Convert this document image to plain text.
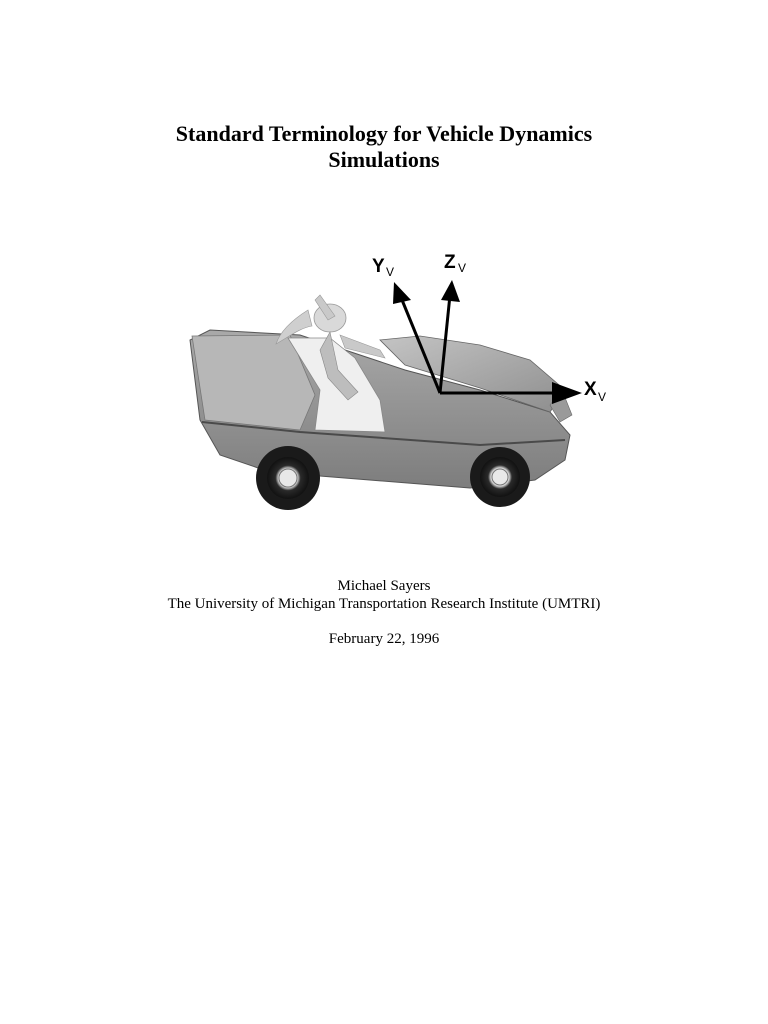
Standard Terminology for Vehicle Dynamics
Simulations
Y V	Z V
X V
Michael Sayers
The University of Michigan Transportation Research Institute (UMTRI)
February 22, 1996
